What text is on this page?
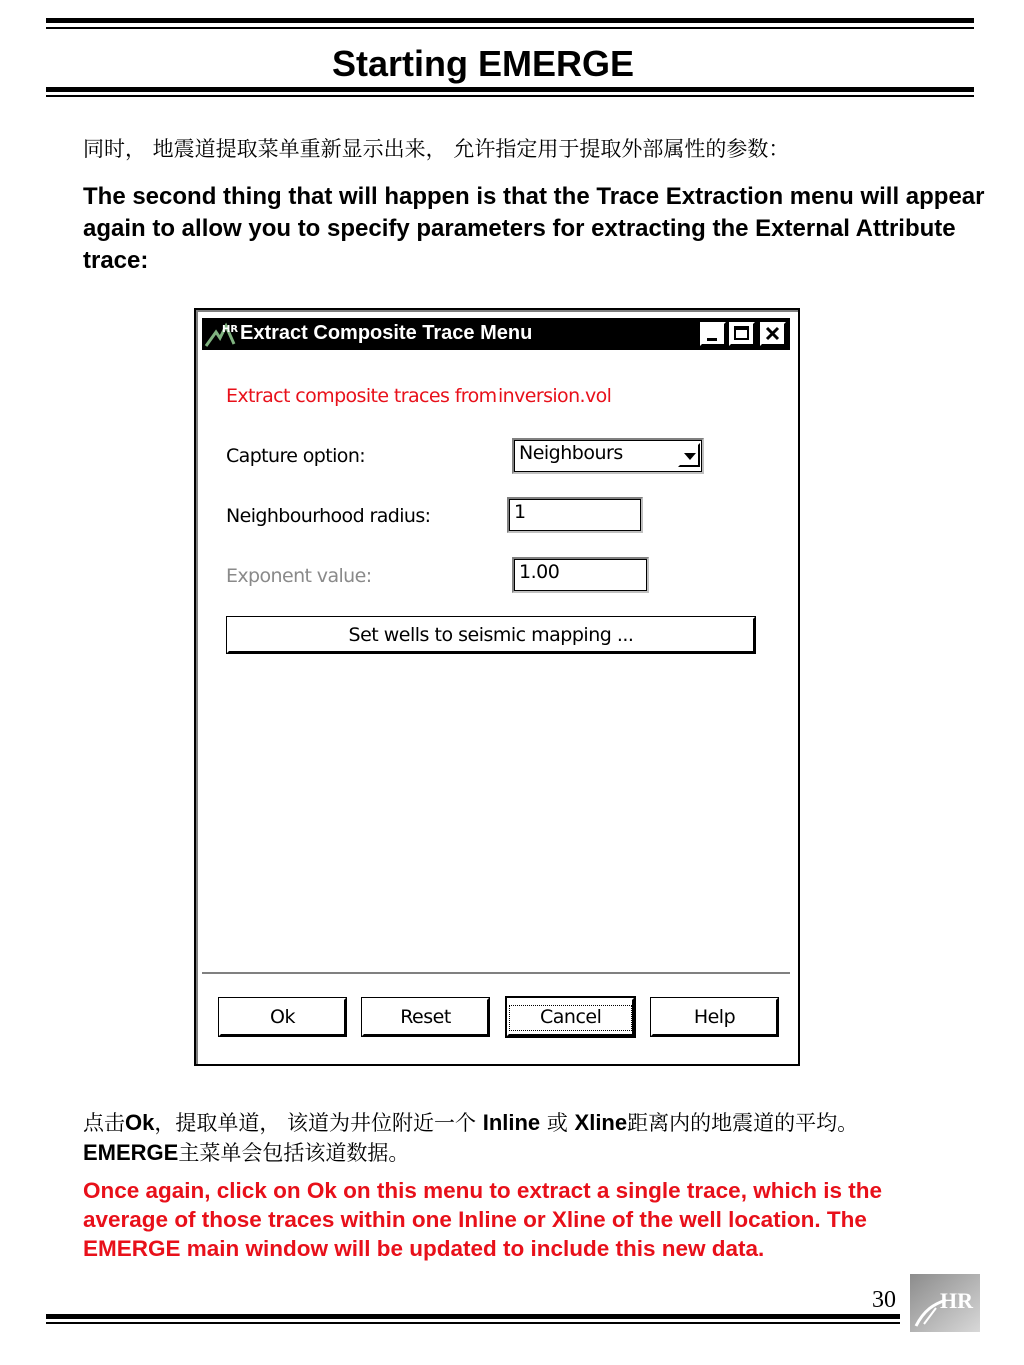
Starting EMERGE
同时， 地震道提取菜单重新显示出来， 允许指定用于提取外部属性的参数：
The second thing that will happen is that the Trace Extraction menu will appear again to allow you to specify parameters for extracting the External Attribute trace:
HR Extract Composite Trace Menu
Extract composite traces from inversion.vol
Capture option:	Neighbours
Neighbourhood radius:	1
Exponent value:	1.00
Set wells to seismic mapping ...
Ok	Reset	Cancel	Help
点击Ok，提取单道， 该道为井位附近一个 Inline 或 Xline距离内的地震道的平均。EMERGE主菜单会包括该道数据。
Once again, click on Ok on this menu to extract a single trace, which is the average of those traces within one Inline or Xline of the well location. The EMERGE main window will be updated to include this new data.
30 HR
